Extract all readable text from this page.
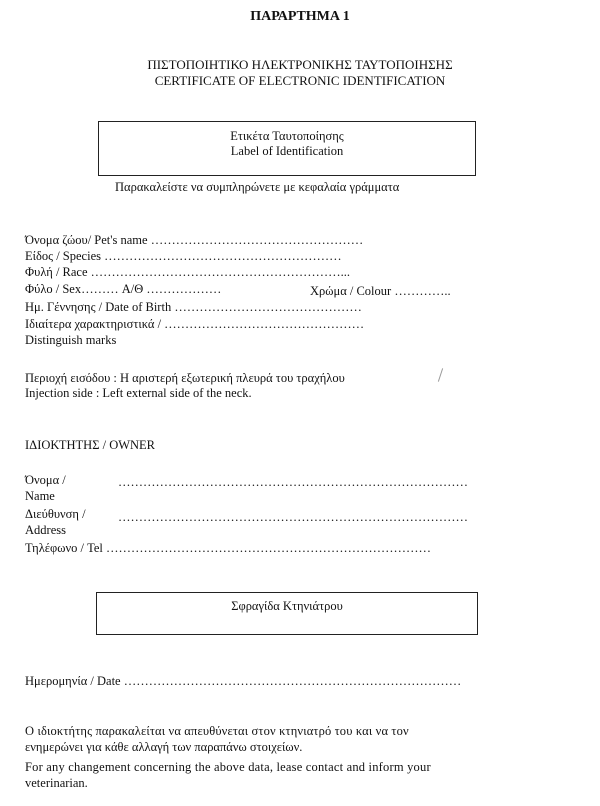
ΠΑΡΑΡΤΗΜΑ 1
ΠΙΣΤΟΠΟΙΗΤΙΚΟ ΗΛΕΚΤΡΟΝΙΚΗΣ ΤΑΥΤΟΠΟΙΗΣΗΣ
CERTIFICATE OF ELECTRONIC IDENTIFICATION
Ετικέτα Ταυτοποίησης
Label of Identification
Παρακαλείστε να συμπληρώνετε με κεφαλαία γράμματα
Όνομα ζώου/ Pet's name ……………………………………………
Είδος / Species …………………………………………………
Φυλή / Race ……………………………………………………...
Φύλο / Sex……… Α/Θ ………………	Χρώμα / Colour …………..
Ημ. Γέννησης / Date of Birth ………………………………………
Ιδιαίτερα χαρακτηριστικά / …………………………………………
Distinguish marks
Περιοχή εισόδου : Η αριστερή εξωτερική πλευρά του τραχήλου
Injection side : Left external side of the neck.
ΙΔΙΟΚΤΗΤΗΣ / OWNER
Όνομα /	…………………………………………………………………………
Name
Διεύθυνση /	…………………………………………………………………………
Address
Τηλέφωνο / Tel ……………………………………………………………………
Σφραγίδα Κτηνιάτρου
Ημερομηνία / Date ………………………………………………………………………
Ο ιδιοκτήτης παρακαλείται να απευθύνεται στον κτηνιατρό του και να τον
ενημερώνει για κάθε αλλαγή των παραπάνω στοιχείων.
For any changement concerning the above data, lease contact and inform your
veterinarian.
